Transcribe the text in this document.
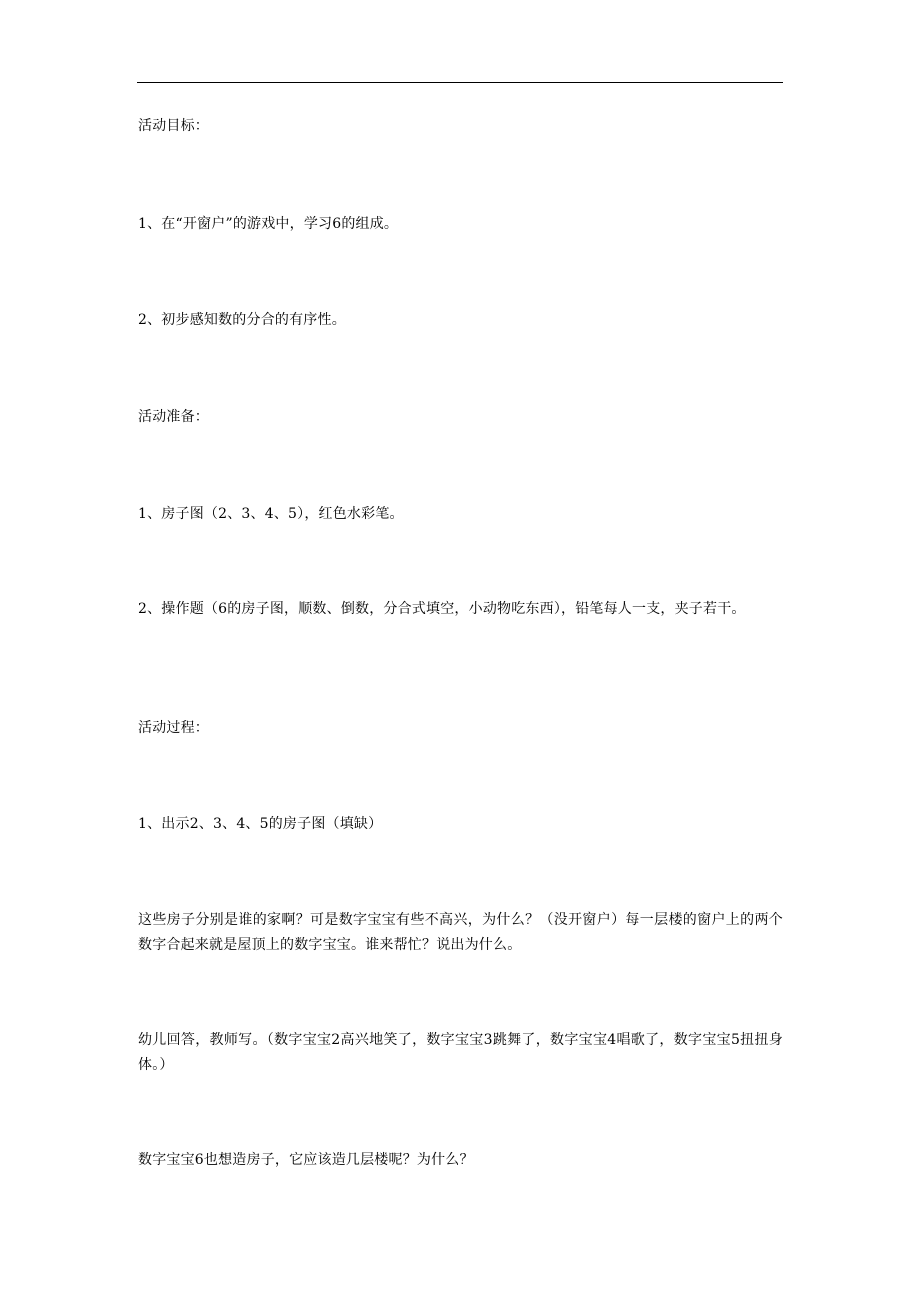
活动目标：

1、在“开窗户”的游戏中，学习6的组成。

2、初步感知数的分合的有序性。

活动准备：

1、房子图（2、3、4、5），红色水彩笔。

2、操作题（6的房子图，顺数、倒数，分合式填空，小动物吃东西），铅笔每人一支，夹子若干。

活动过程：

1、出示2、3、4、5的房子图（填缺）

这些房子分别是谁的家啊？可是数字宝宝有些不高兴，为什么？（没开窗户）每一层楼的窗户上的两个数字合起来就是屋顶上的数字宝宝。谁来帮忙？说出为什么。

幼儿回答，教师写。（数字宝宝2高兴地笑了，数字宝宝3跳舞了，数字宝宝4唱歌了，数字宝宝5扭扭身体。）

数字宝宝6也想造房子，它应该造几层楼呢？为什么？
